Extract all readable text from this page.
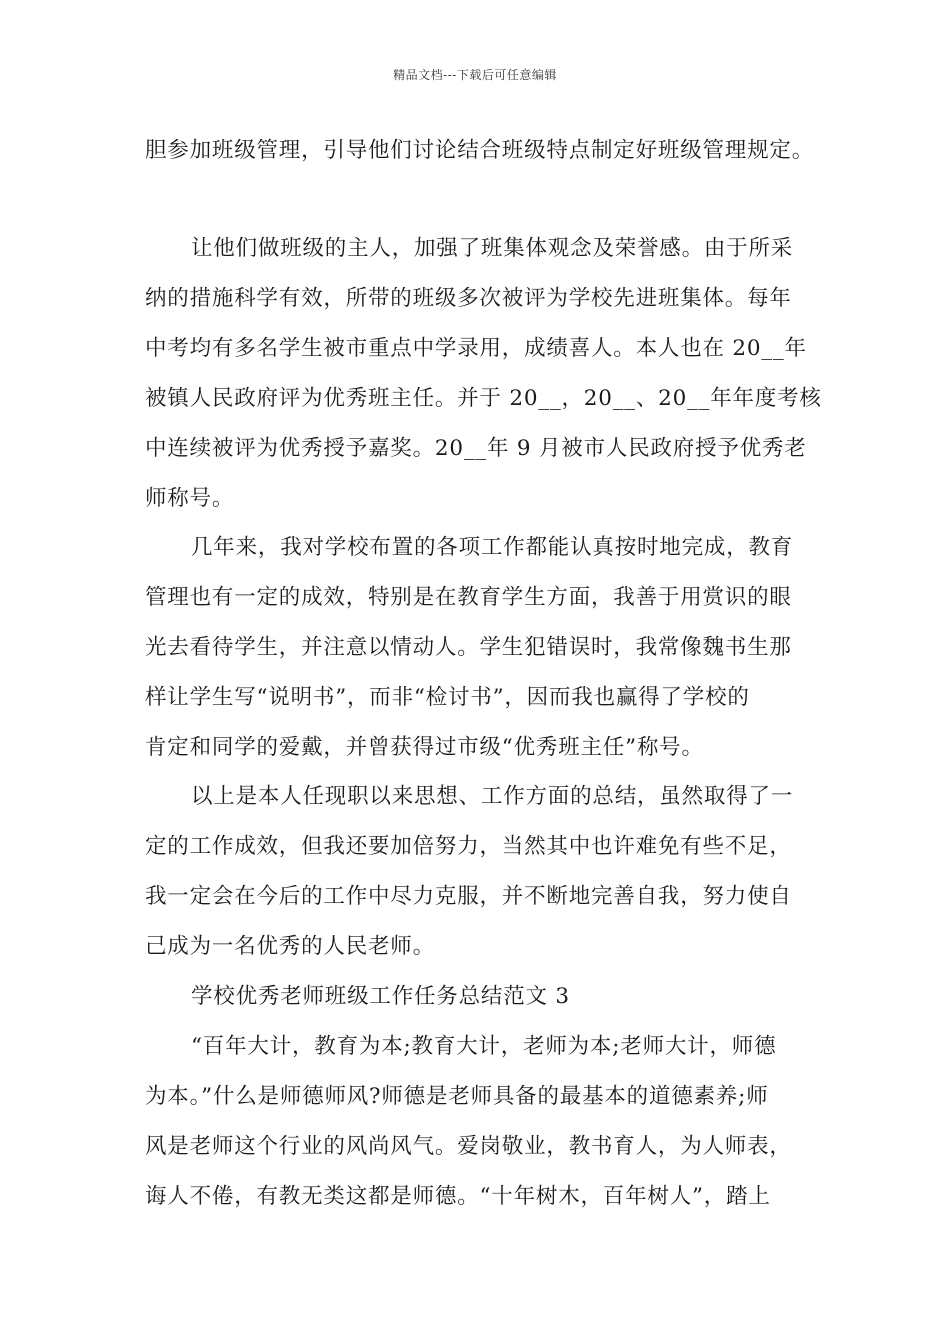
精品文档---下载后可任意编辑
胆参加班级管理，引导他们讨论结合班级特点制定好班级管理规定。
让他们做班级的主人，加强了班集体观念及荣誉感。由于所采
纳的措施科学有效，所带的班级多次被评为学校先进班集体。每年
中考均有多名学生被市重点中学录用，成绩喜人。本人也在 20__年
被镇人民政府评为优秀班主任。并于 20__，20__、20__年年度考核
中连续被评为优秀授予嘉奖。20__年 9 月被市人民政府授予优秀老
师称号。
几年来，我对学校布置的各项工作都能认真按时地完成，教育
管理也有一定的成效，特别是在教育学生方面，我善于用赏识的眼
光去看待学生，并注意以情动人。学生犯错误时，我常像魏书生那
样让学生写“说明书”，而非“检讨书”，因而我也赢得了学校的
肯定和同学的爱戴，并曾获得过市级“优秀班主任”称号。
以上是本人任现职以来思想、工作方面的总结，虽然取得了一
定的工作成效，但我还要加倍努力，当然其中也许难免有些不足，
我一定会在今后的工作中尽力克服，并不断地完善自我，努力使自
己成为一名优秀的人民老师。
学校优秀老师班级工作任务总结范文 3
“百年大计，教育为本;教育大计，老师为本;老师大计，师德
为本。”什么是师德师风?师德是老师具备的最基本的道德素养;师
风是老师这个行业的风尚风气。爱岗敬业，教书育人，为人师表，
诲人不倦，有教无类这都是师德。“十年树木，百年树人”，踏上
